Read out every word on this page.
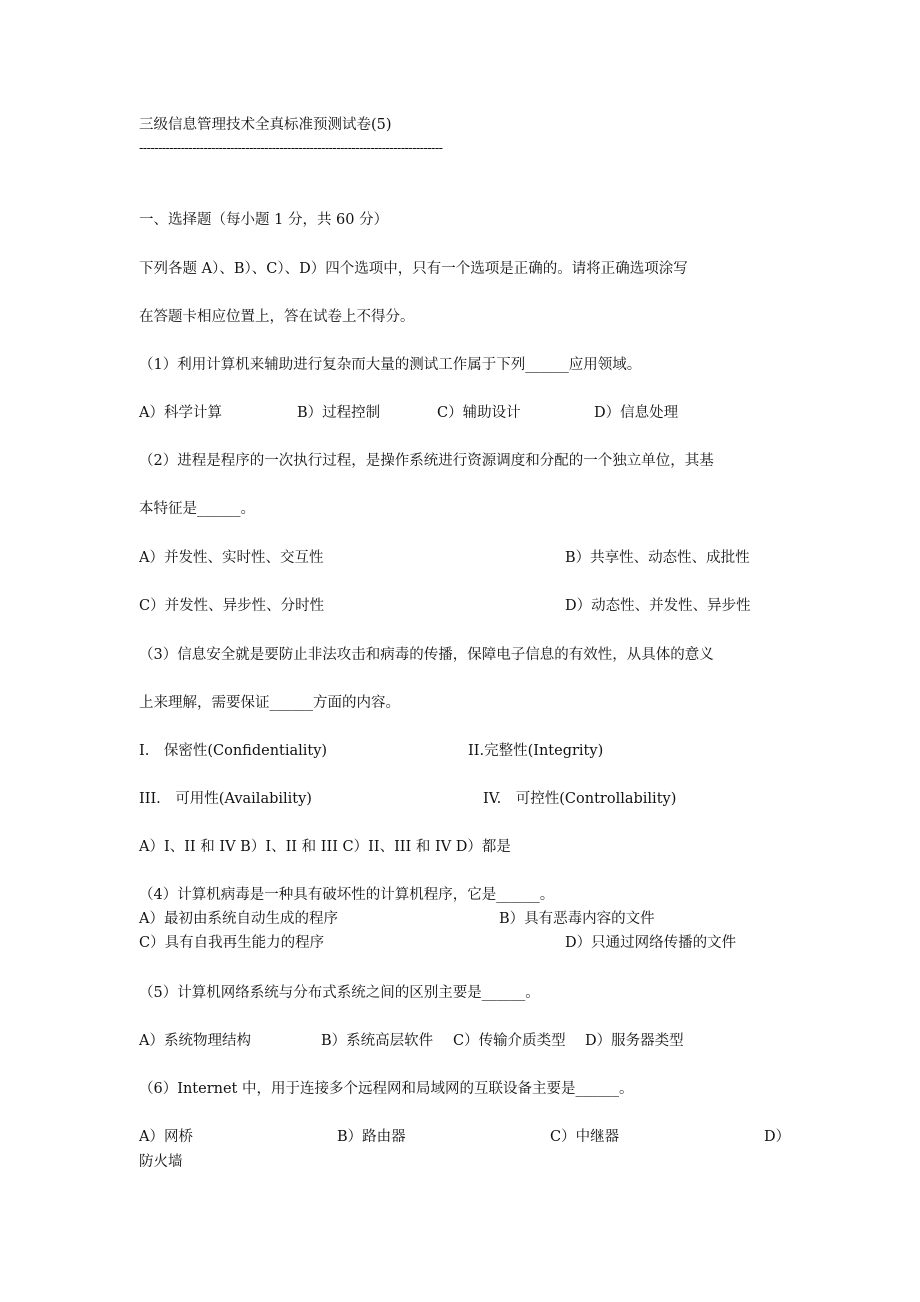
三级信息管理技术全真标准预测试卷(5)
--------------------------------------------------------------------------------
一、选择题（每小题 1 分，共 60 分）
下列各题 A）、B）、C）、D）四个选项中，只有一个选项是正确的。请将正确选项涂写
在答题卡相应位置上，答在试卷上不得分。
（1）利用计算机来辅助进行复杂而大量的测试工作属于下列______应用领域。
A）科学计算	B）过程控制	C）辅助设计	D）信息处理
（2）进程是程序的一次执行过程，是操作系统进行资源调度和分配的一个独立单位，其基
本特征是______。
A）并发性、实时性、交互性	B）共享性、动态性、成批性
C）并发性、异步性、分时性	D）动态性、并发性、异步性
（3）信息安全就是要防止非法攻击和病毒的传播，保障电子信息的有效性，从具体的意义
上来理解，需要保证______方面的内容。
I.　保密性(Confidentiality)	II.完整性(Integrity)
III.　可用性(Availability)	IV.　可控性(Controllability)
A）I、II 和 IV B）I、II 和 III C）II、III 和 IV D）都是
（4）计算机病毒是一种具有破坏性的计算机程序，它是______。
A）最初由系统自动生成的程序	B）具有恶毒内容的文件
C）具有自我再生能力的程序	D）只通过网络传播的文件
（5）计算机网络系统与分布式系统之间的区别主要是______。
A）系统物理结构	B）系统高层软件 C）传输介质类型 D）服务器类型
（6）Internet 中，用于连接多个远程网和局域网的互联设备主要是______。
A）网桥	B）路由器	C）中继器	D）
防火墙
